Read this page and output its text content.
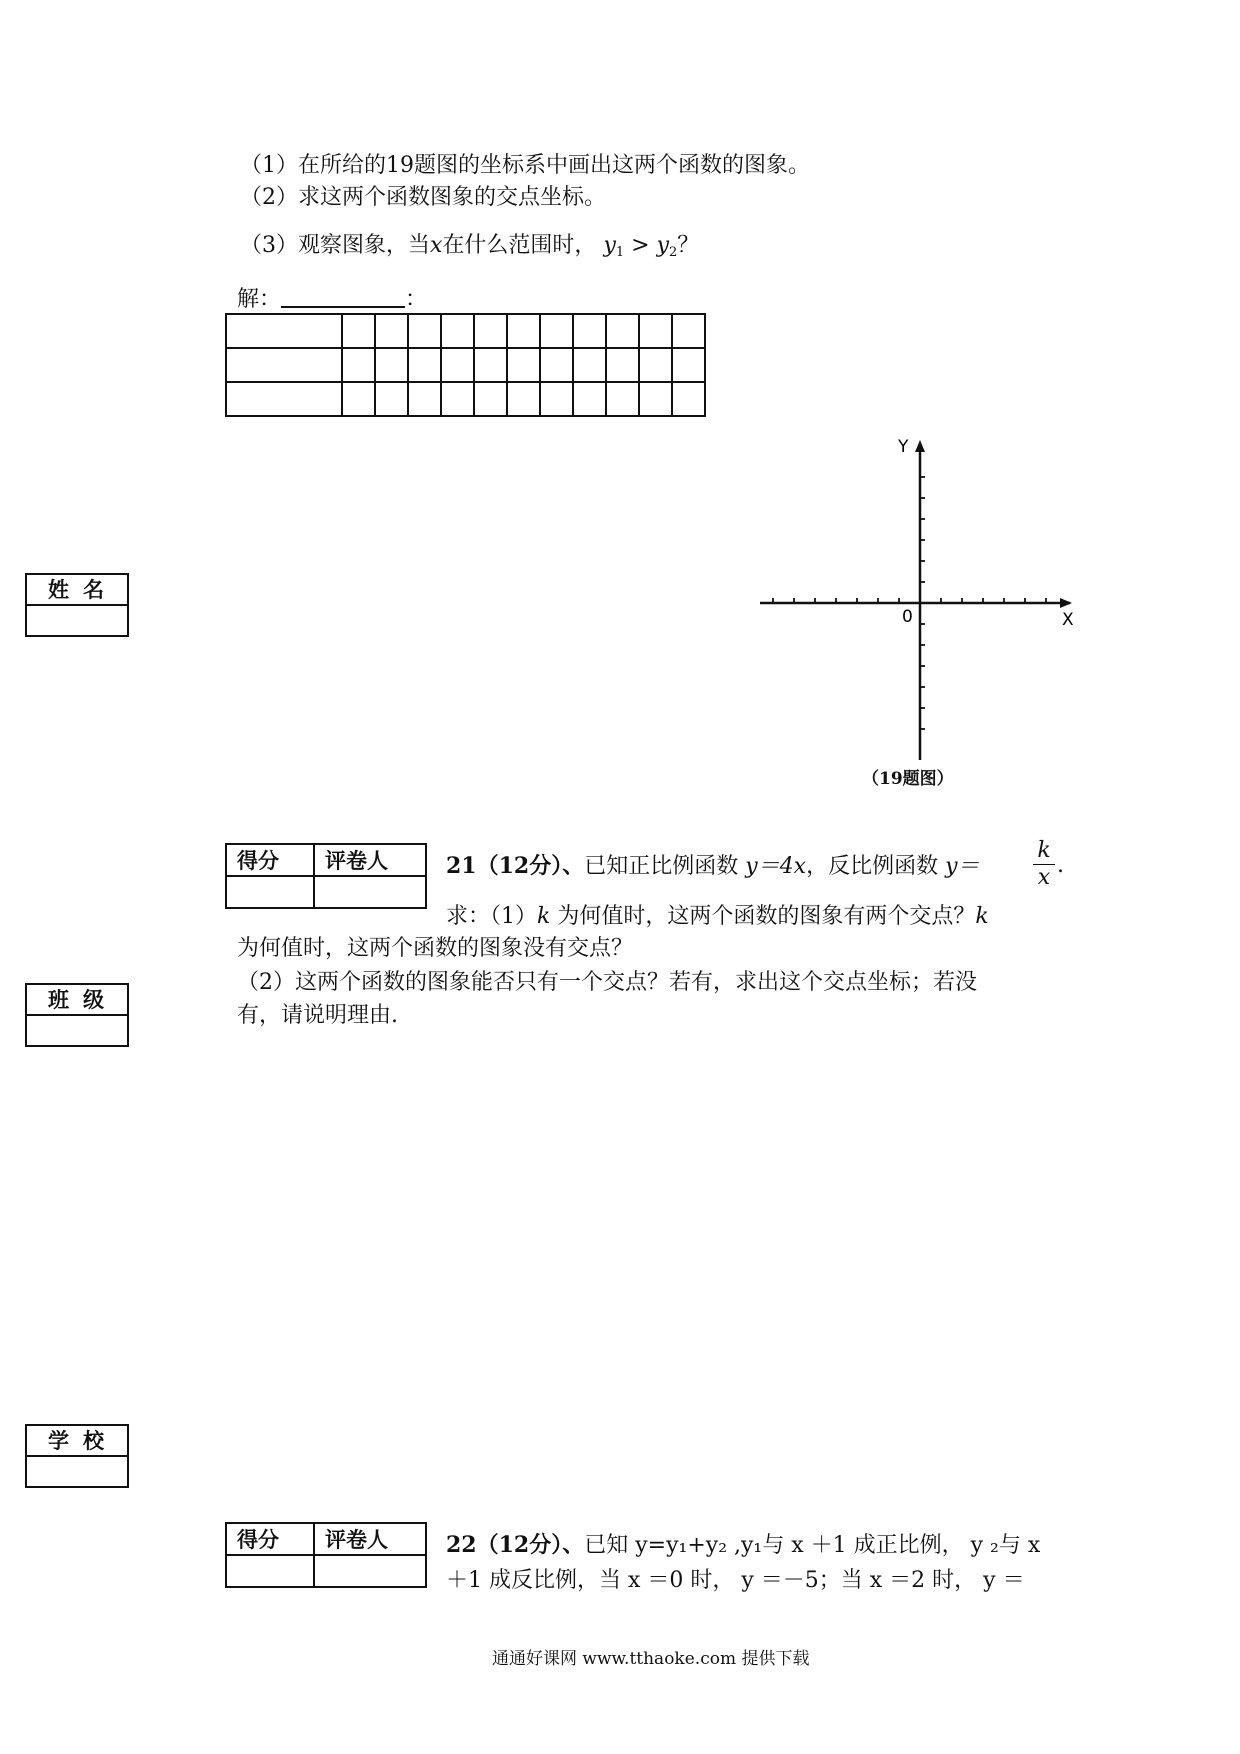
（1）在所给的19题图的坐标系中画出这两个函数的图象。
（2）求这两个函数图象的交点坐标。
（3）观察图象，当x在什么范围时， $y_1 > y_2$？
解：	：

Y
X
0
（19题图）
姓名
班级
学校
得分	评卷人
		21（12分）、已知正比例函数 y＝4x，反比例函数 y＝
k
x .
求：（1）k 为何值时，这两个函数的图象有两个交点？k
为何值时，这两个函数的图象没有交点？
（2）这两个函数的图象能否只有一个交点？若有，求出这个交点坐标；若没
有，请说明理由.
得分	评卷人
		22（12分）、已知 y=y₁+y₂ ,y₁与 x ＋1 成正比例， y ₂与 x
＋1 成反比例，当 x ＝0 时， y ＝－5；当 x ＝2 时， y ＝
通通好课网 www.tthaoke.com 提供下载
